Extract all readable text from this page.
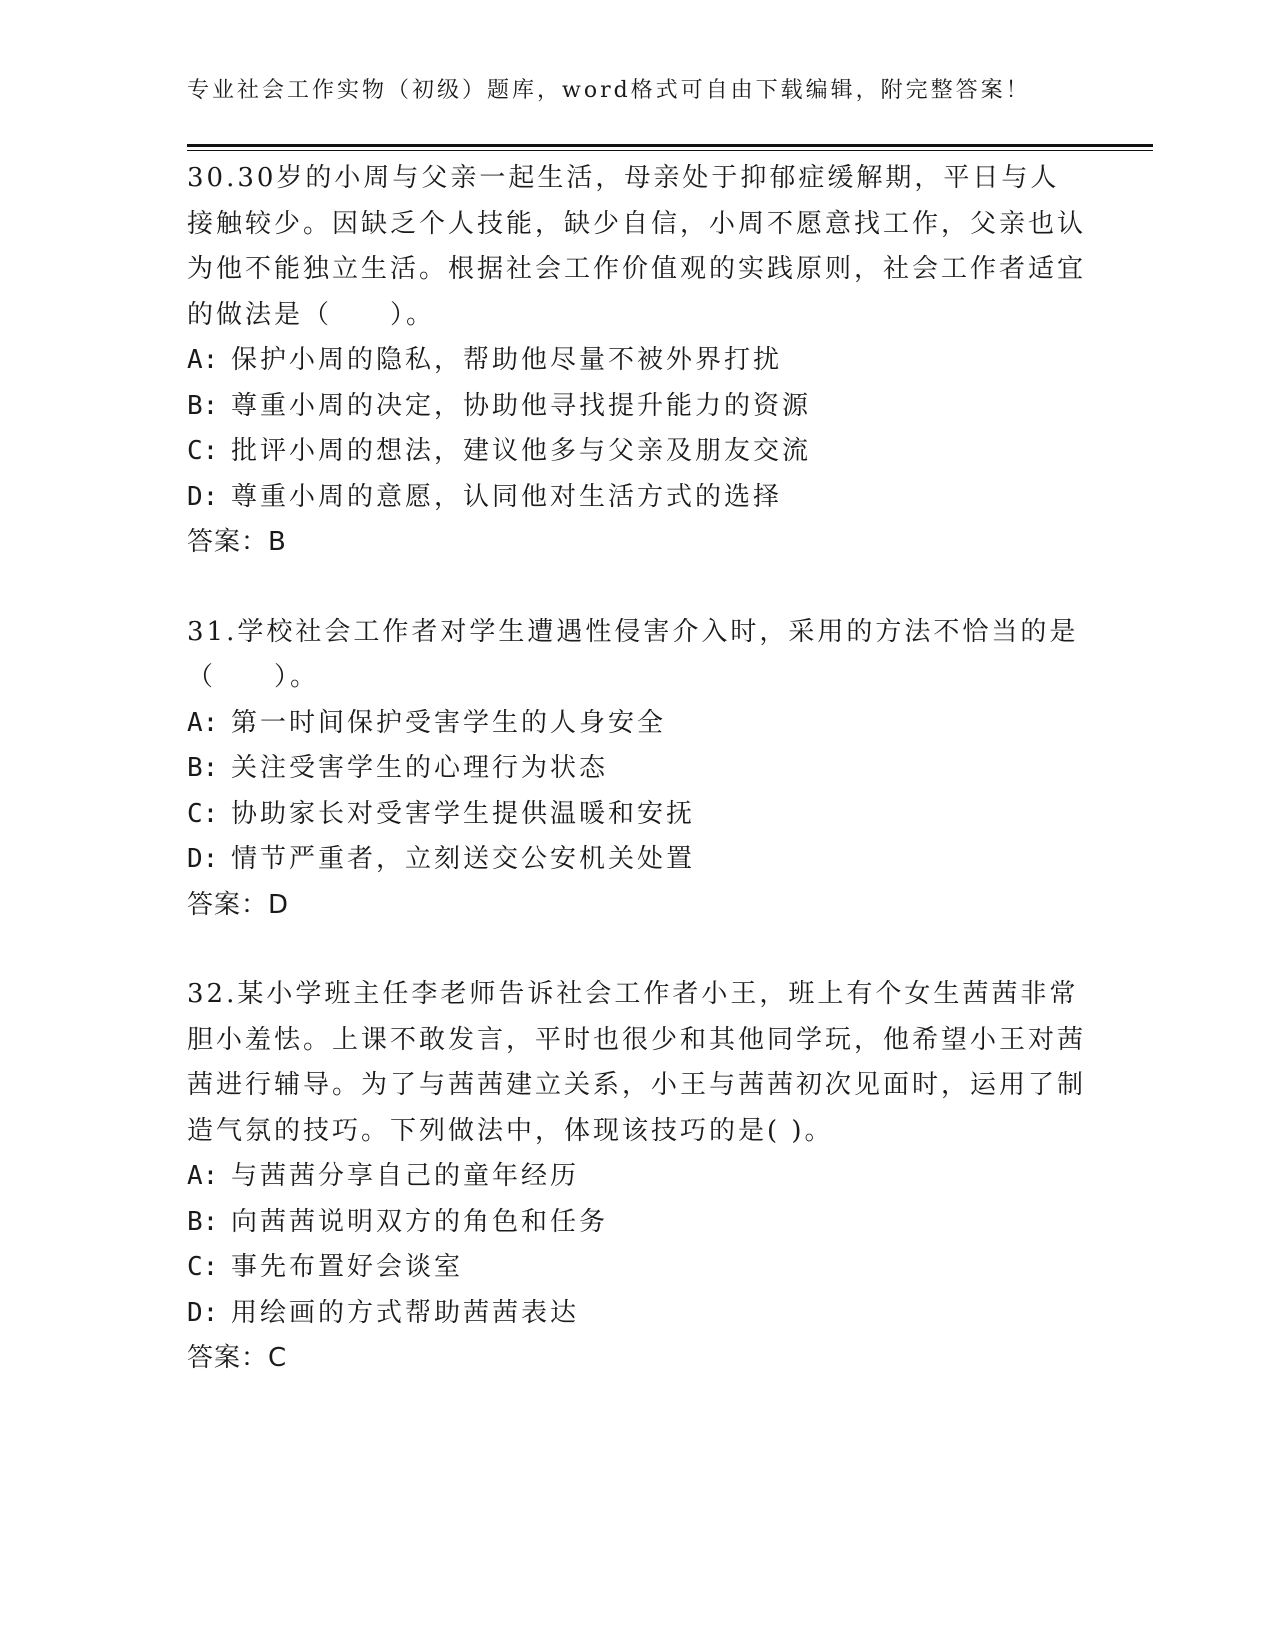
专业社会工作实物（初级）题库，word格式可自由下载编辑，附完整答案！

30.30岁的小周与父亲一起生活，母亲处于抑郁症缓解期，平日与人接触较少。因缺乏个人技能，缺少自信，小周不愿意找工作，父亲也认为他不能独立生活。根据社会工作价值观的实践原则，社会工作者适宜的做法是（　　）。

A: 保护小周的隐私，帮助他尽量不被外界打扰

B: 尊重小周的决定，协助他寻找提升能力的资源

C: 批评小周的想法，建议他多与父亲及朋友交流

D: 尊重小周的意愿，认同他对生活方式的选择

答案：B

31.学校社会工作者对学生遭遇性侵害介入时，采用的方法不恰当的是（　　）。

A: 第一时间保护受害学生的人身安全

B: 关注受害学生的心理行为状态

C: 协助家长对受害学生提供温暖和安抚

D: 情节严重者，立刻送交公安机关处置

答案：D

32.某小学班主任李老师告诉社会工作者小王，班上有个女生茜茜非常胆小羞怯。上课不敢发言，平时也很少和其他同学玩，他希望小王对茜茜进行辅导。为了与茜茜建立关系，小王与茜茜初次见面时，运用了制造气氛的技巧。下列做法中，体现该技巧的是( )。

A: 与茜茜分享自己的童年经历

B: 向茜茜说明双方的角色和任务

C: 事先布置好会谈室

D: 用绘画的方式帮助茜茜表达

答案：C
